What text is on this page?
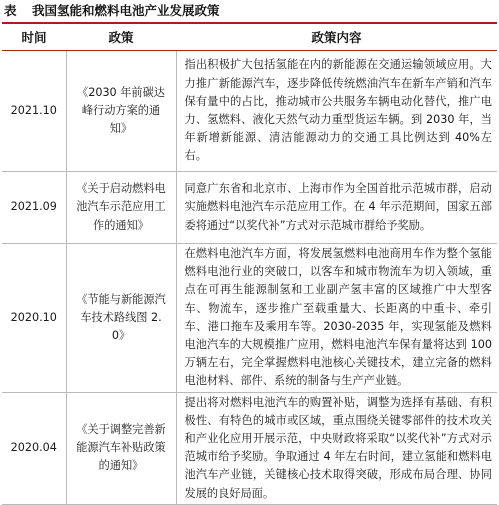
表 我国氢能和燃料电池产业发展政策
时间	政策	政策内容
2021.10	《2030 年前碳达峰行动方案的通知》	指出积极扩大包括氢能在内的新能源在交通运输领域应用。大力推广新能源汽车，逐步降低传统燃油汽车在新车产销和汽车保有量中的占比，推动城市公共服务车辆电动化替代，推广电力、氢燃料、液化天然气动力重型货运车辆。到 2030 年，当年新增新能源、清洁能源动力的交通工具比例达到 40%左右。
2021.09	《关于启动燃料电池汽车示范应用工作的通知》	同意广东省和北京市、上海市作为全国首批示范城市群，启动实施燃料电池汽车示范应用工作。在 4 年示范期间，国家五部委将通过“以奖代补”方式对示范城市群给予奖励。
2020.10	《节能与新能源汽车技术路线图 2.0》	在燃料电池汽车方面，将发展氢燃料电池商用车作为整个氢能燃料电池行业的突破口，以客车和城市物流车为切入领域，重点在可再生能源制氢和工业副产氢丰富的区域推广中大型客车、物流车，逐步推广至载重量大、长距离的中重卡、牵引车、港口拖车及乘用车等。2030-2035 年，实现氢能及燃料电池汽车的大规模推广应用，燃料电池汽车保有量将达到 100 万辆左右，完全掌握燃料电池核心关键技术，建立完备的燃料电池材料、部件、系统的制备与生产产业链。
2020.04	《关于调整完善新能源汽车补贴政策的通知》	提出将对燃料电池汽车的购置补贴，调整为选择有基础、有积极性、有特色的城市或区域，重点围绕关键零部件的技术攻关和产业化应用开展示范，中央财政将采取“以奖代补”方式对示范城市给予奖励。争取通过 4 年左右时间，建立氢能和燃料电池汽车产业链，关键核心技术取得突破，形成布局合理、协同发展的良好局面。
